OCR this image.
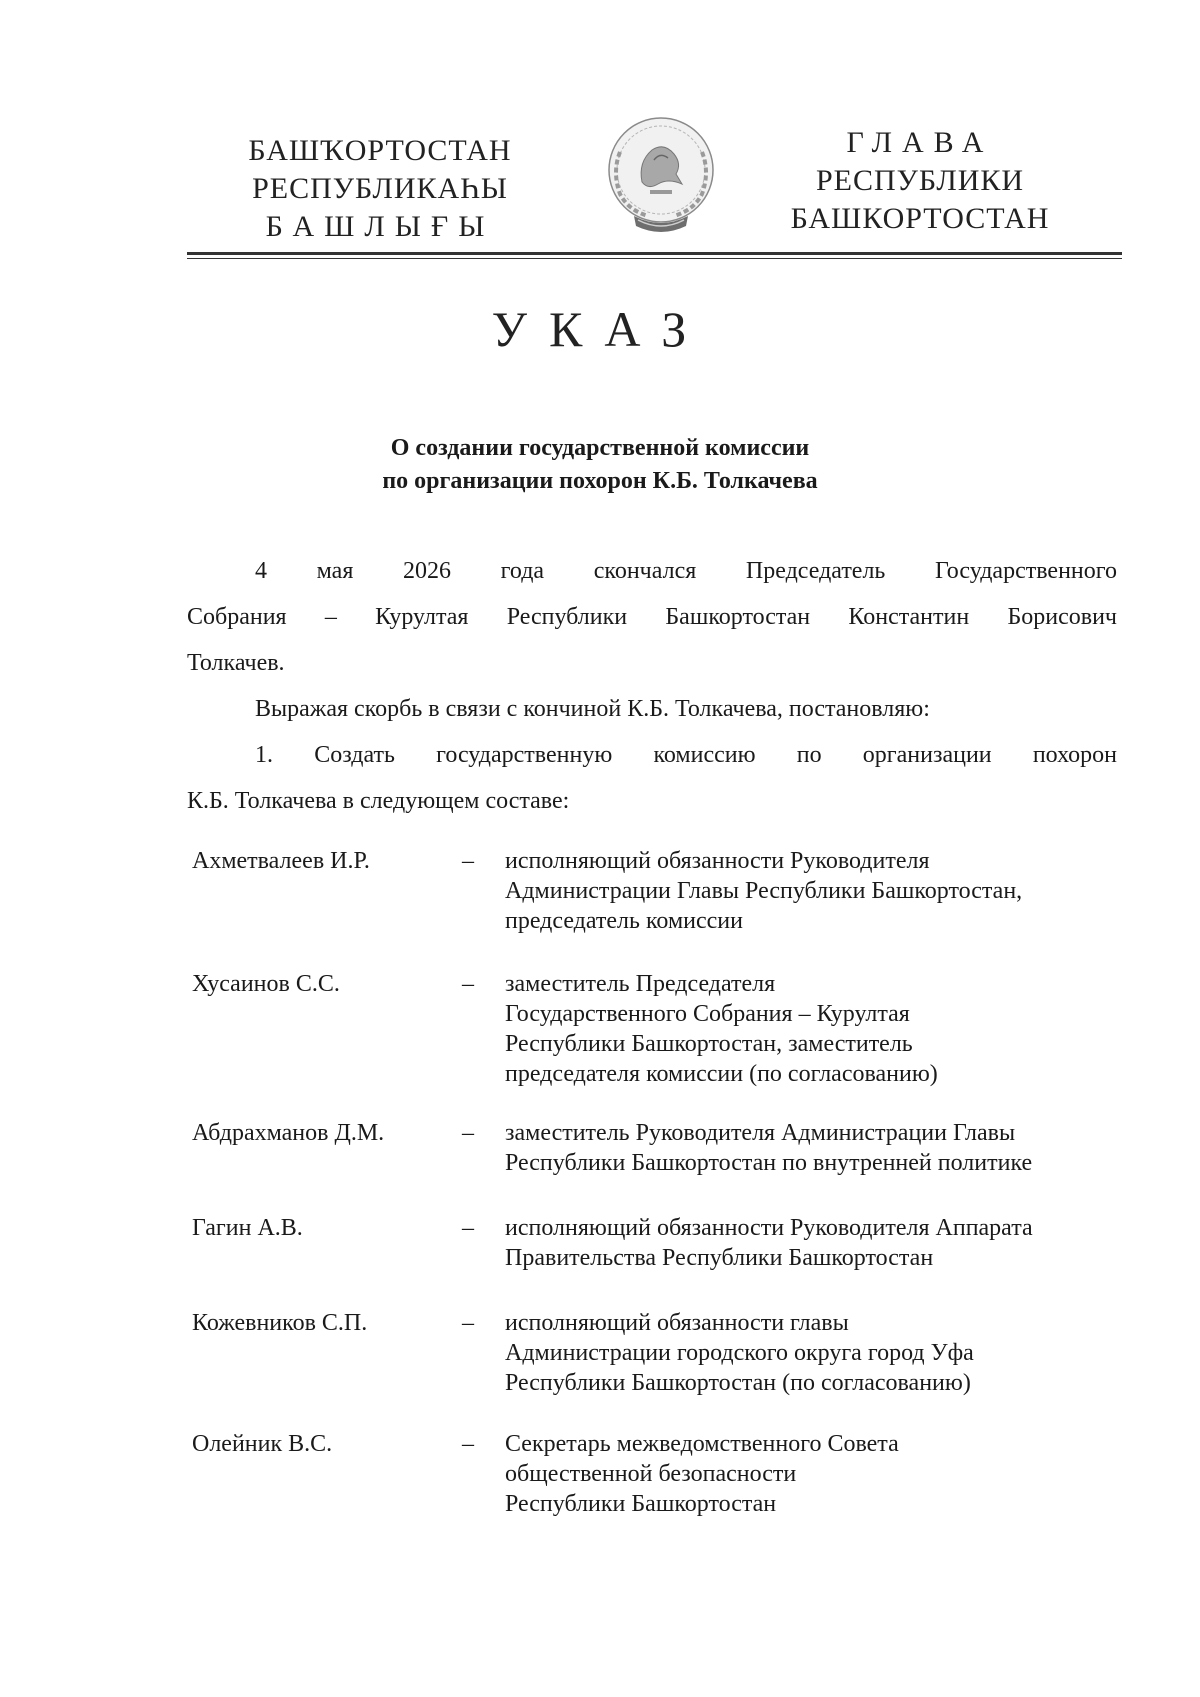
БАШҠОРТОСТАН
РЕСПУБЛИКАҺЫ
БАШЛЫҒЫ
ГЛАВА
РЕСПУБЛИКИ
БАШКОРТОСТАН
УКАЗ
О создании государственной комиссии
по организации похорон К.Б. Толкачева
4 мая 2026 года скончался Председатель Государственного
Собрания – Курултая Республики Башкортостан Константин Борисович
Толкачев.
Выражая скорбь в связи с кончиной К.Б. Толкачева, постановляю:
1. Создать государственную комиссию по организации похорон
К.Б. Толкачева в следующем составе:
Ахметвалеев И.Р.	–	исполняющий обязанности Руководителя
Администрации Главы Республики Башкортостан,
председатель комиссии
Хусаинов С.С.	–	заместитель Председателя
Государственного Собрания – Курултая
Республики Башкортостан, заместитель
председателя комиссии (по согласованию)
Абдрахманов Д.М.	–	заместитель Руководителя Администрации Главы
Республики Башкортостан по внутренней политике
Гагин А.В.	–	исполняющий обязанности Руководителя Аппарата
Правительства Республики Башкортостан
Кожевников С.П.	–	исполняющий обязанности главы
Администрации городского округа город Уфа
Республики Башкортостан (по согласованию)
Олейник В.С.	–	Секретарь межведомственного Совета
общественной безопасности
Республики Башкортостан
